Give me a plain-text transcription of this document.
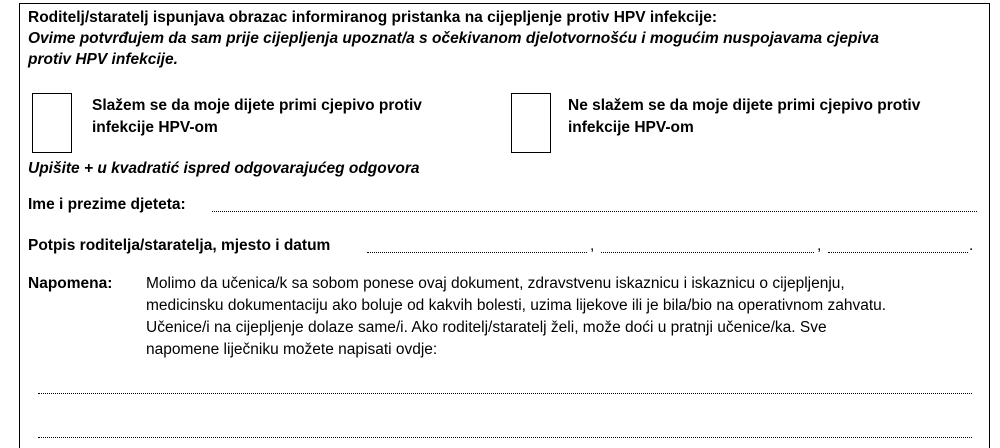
Roditelj/staratelj ispunjava obrazac informiranog pristanka na cijepljenje protiv HPV infekcije:
Ovime potvrđujem da sam prije cijepljenja upoznat/a s očekivanom djelotvornošću i mogućim nuspojavama cjepiva
protiv HPV infekcije.
Slažem se da moje dijete primi cjepivo protiv
infekcije HPV-om
Ne slažem se da moje dijete primi cjepivo protiv
infekcije HPV-om
Upišite + u kvadratić ispred odgovarajućeg odgovora
Ime i prezime djeteta:
Potpis roditelja/staratelja, mjesto i datum	,	,	.
Napomena: Molimo da učenica/k sa sobom ponese ovaj dokument, zdravstvenu iskaznicu i iskaznicu o cijepljenju,
medicinsku dokumentaciju ako boluje od kakvih bolesti, uzima lijekove ili je bila/bio na operativnom zahvatu.
Učenice/i na cijepljenje dolaze same/i. Ako roditelj/staratelj želi, može doći u pratnji učenice/ka. Sve
napomene liječniku možete napisati ovdje:
